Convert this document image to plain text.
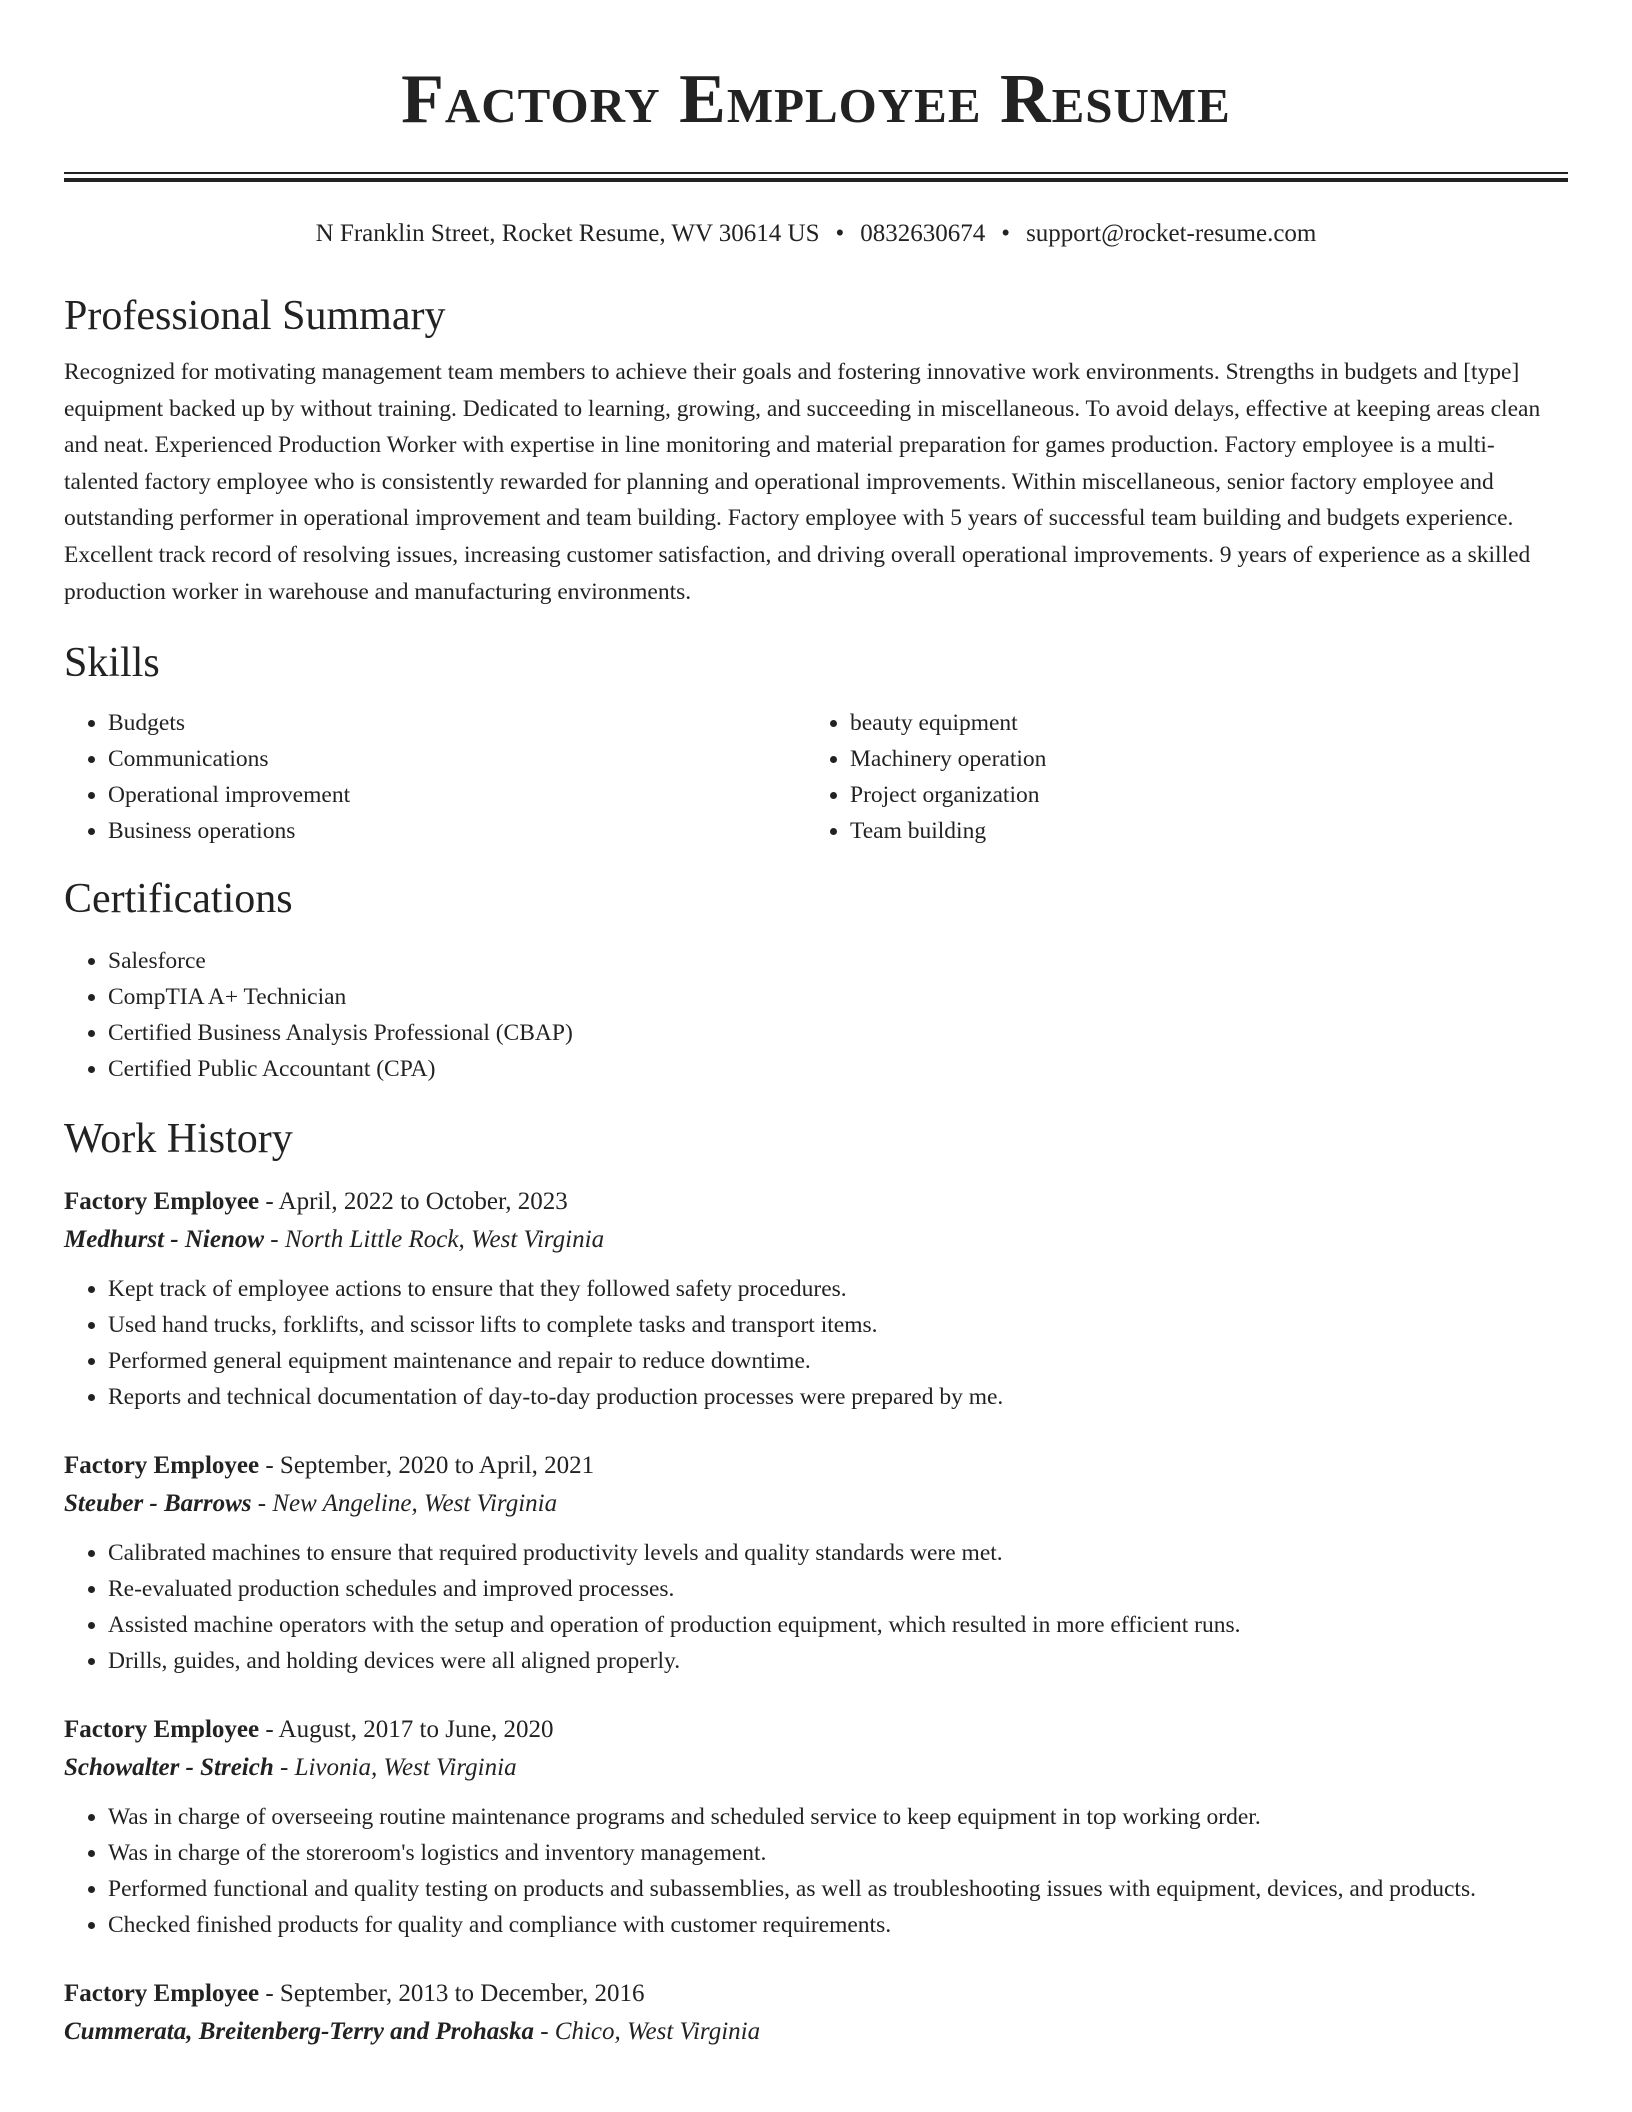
Factory Employee Resume
N Franklin Street, Rocket Resume, WV 30614 US • 0832630674 • support@rocket-resume.com
Professional Summary

Recognized for motivating management team members to achieve their goals and fostering innovative work environments. Strengths in budgets and [type] equipment backed up by without training. Dedicated to learning, growing, and succeeding in miscellaneous. To avoid delays, effective at keeping areas clean and neat. Experienced Production Worker with expertise in line monitoring and material preparation for games production. Factory employee is a multi-talented factory employee who is consistently rewarded for planning and operational improvements. Within miscellaneous, senior factory employee and outstanding performer in operational improvement and team building. Factory employee with 5 years of successful team building and budgets experience. Excellent track record of resolving issues, increasing customer satisfaction, and driving overall operational improvements. 9 years of experience as a skilled production worker in warehouse and manufacturing environments.

Skills
• Budgets
• Communications
• Operational improvement
• Business operations
• beauty equipment
• Machinery operation
• Project organization
• Team building
Certifications
• Salesforce
• CompTIA A+ Technician
• Certified Business Analysis Professional (CBAP)
• Certified Public Accountant (CPA)
Work History
Factory Employee - April, 2022 to October, 2023
Medhurst - Nienow - North Little Rock, West Virginia
• Kept track of employee actions to ensure that they followed safety procedures.
• Used hand trucks, forklifts, and scissor lifts to complete tasks and transport items.
• Performed general equipment maintenance and repair to reduce downtime.
• Reports and technical documentation of day-to-day production processes were prepared by me.
Factory Employee - September, 2020 to April, 2021
Steuber - Barrows - New Angeline, West Virginia
• Calibrated machines to ensure that required productivity levels and quality standards were met.
• Re-evaluated production schedules and improved processes.
• Assisted machine operators with the setup and operation of production equipment, which resulted in more efficient runs.
• Drills, guides, and holding devices were all aligned properly.
Factory Employee - August, 2017 to June, 2020
Schowalter - Streich - Livonia, West Virginia
• Was in charge of overseeing routine maintenance programs and scheduled service to keep equipment in top working order.
• Was in charge of the storeroom's logistics and inventory management.
• Performed functional and quality testing on products and subassemblies, as well as troubleshooting issues with equipment, devices, and products.
• Checked finished products for quality and compliance with customer requirements.
Factory Employee - September, 2013 to December, 2016
Cummerata, Breitenberg-Terry and Prohaska - Chico, West Virginia
